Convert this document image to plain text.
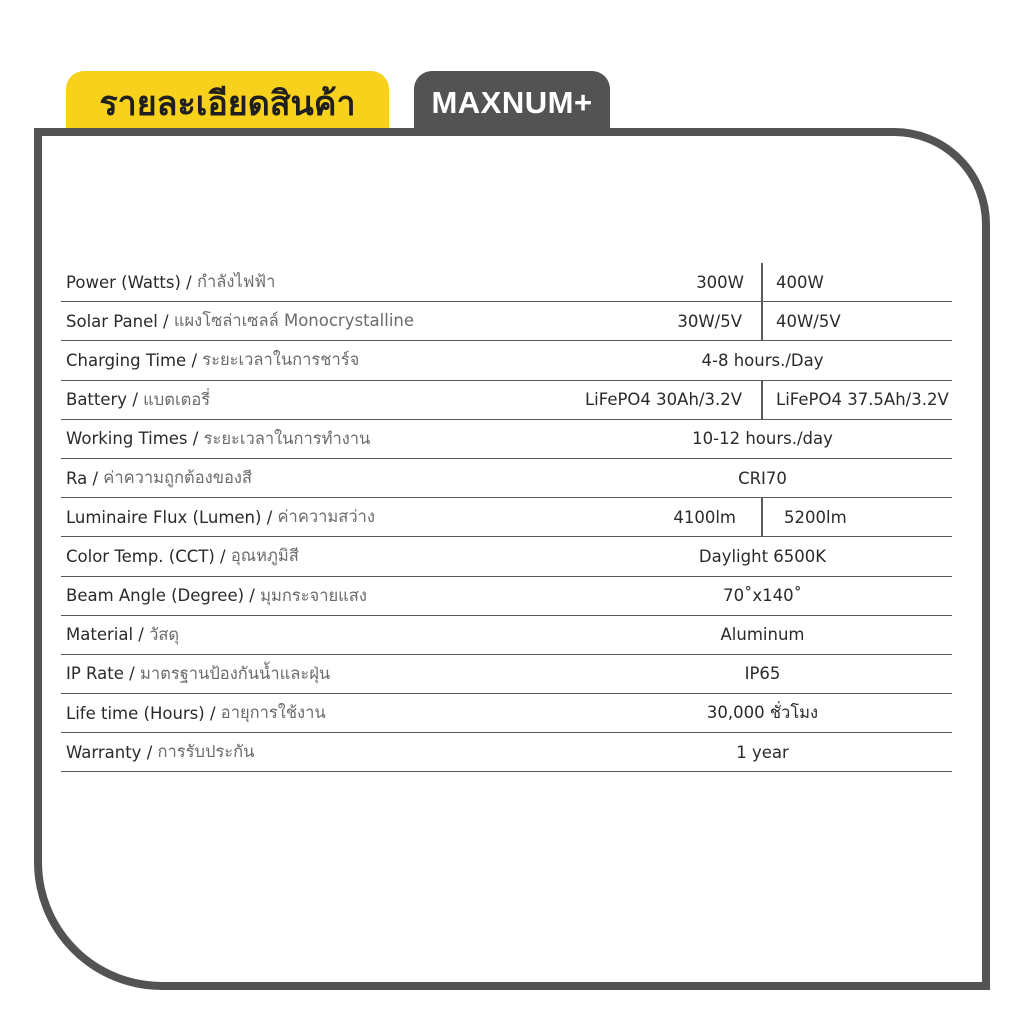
รายละเอียดสินค้า MAXNUM+
Power (Watts) / กำลังไฟฟ้า	300W 400W
Solar Panel / แผงโซล่าเซลล์ Monocrystalline	30W/5V 40W/5V
Charging Time / ระยะเวลาในการชาร์จ	4-8 hours./Day
Battery / แบตเตอรี่	LiFePO4 30Ah/3.2V LiFePO4 37.5Ah/3.2V
Working Times / ระยะเวลาในการทำงาน	10-12 hours./day
Ra / ค่าความถูกต้องของสี	CRI70
Luminaire Flux (Lumen) / ค่าความสว่าง	4100lm	5200lm
Color Temp. (CCT) / อุณหภูมิสี	Daylight 6500K
Beam Angle (Degree) / มุมกระจายแสง	70˚x140˚
Material / วัสดุ	Aluminum
IP Rate / มาตรฐานป้องกันน้ำและฝุ่น	IP65
Life time (Hours) / อายุการใช้งาน	30,000 ชั่วโมง
Warranty / การรับประกัน	1 year
